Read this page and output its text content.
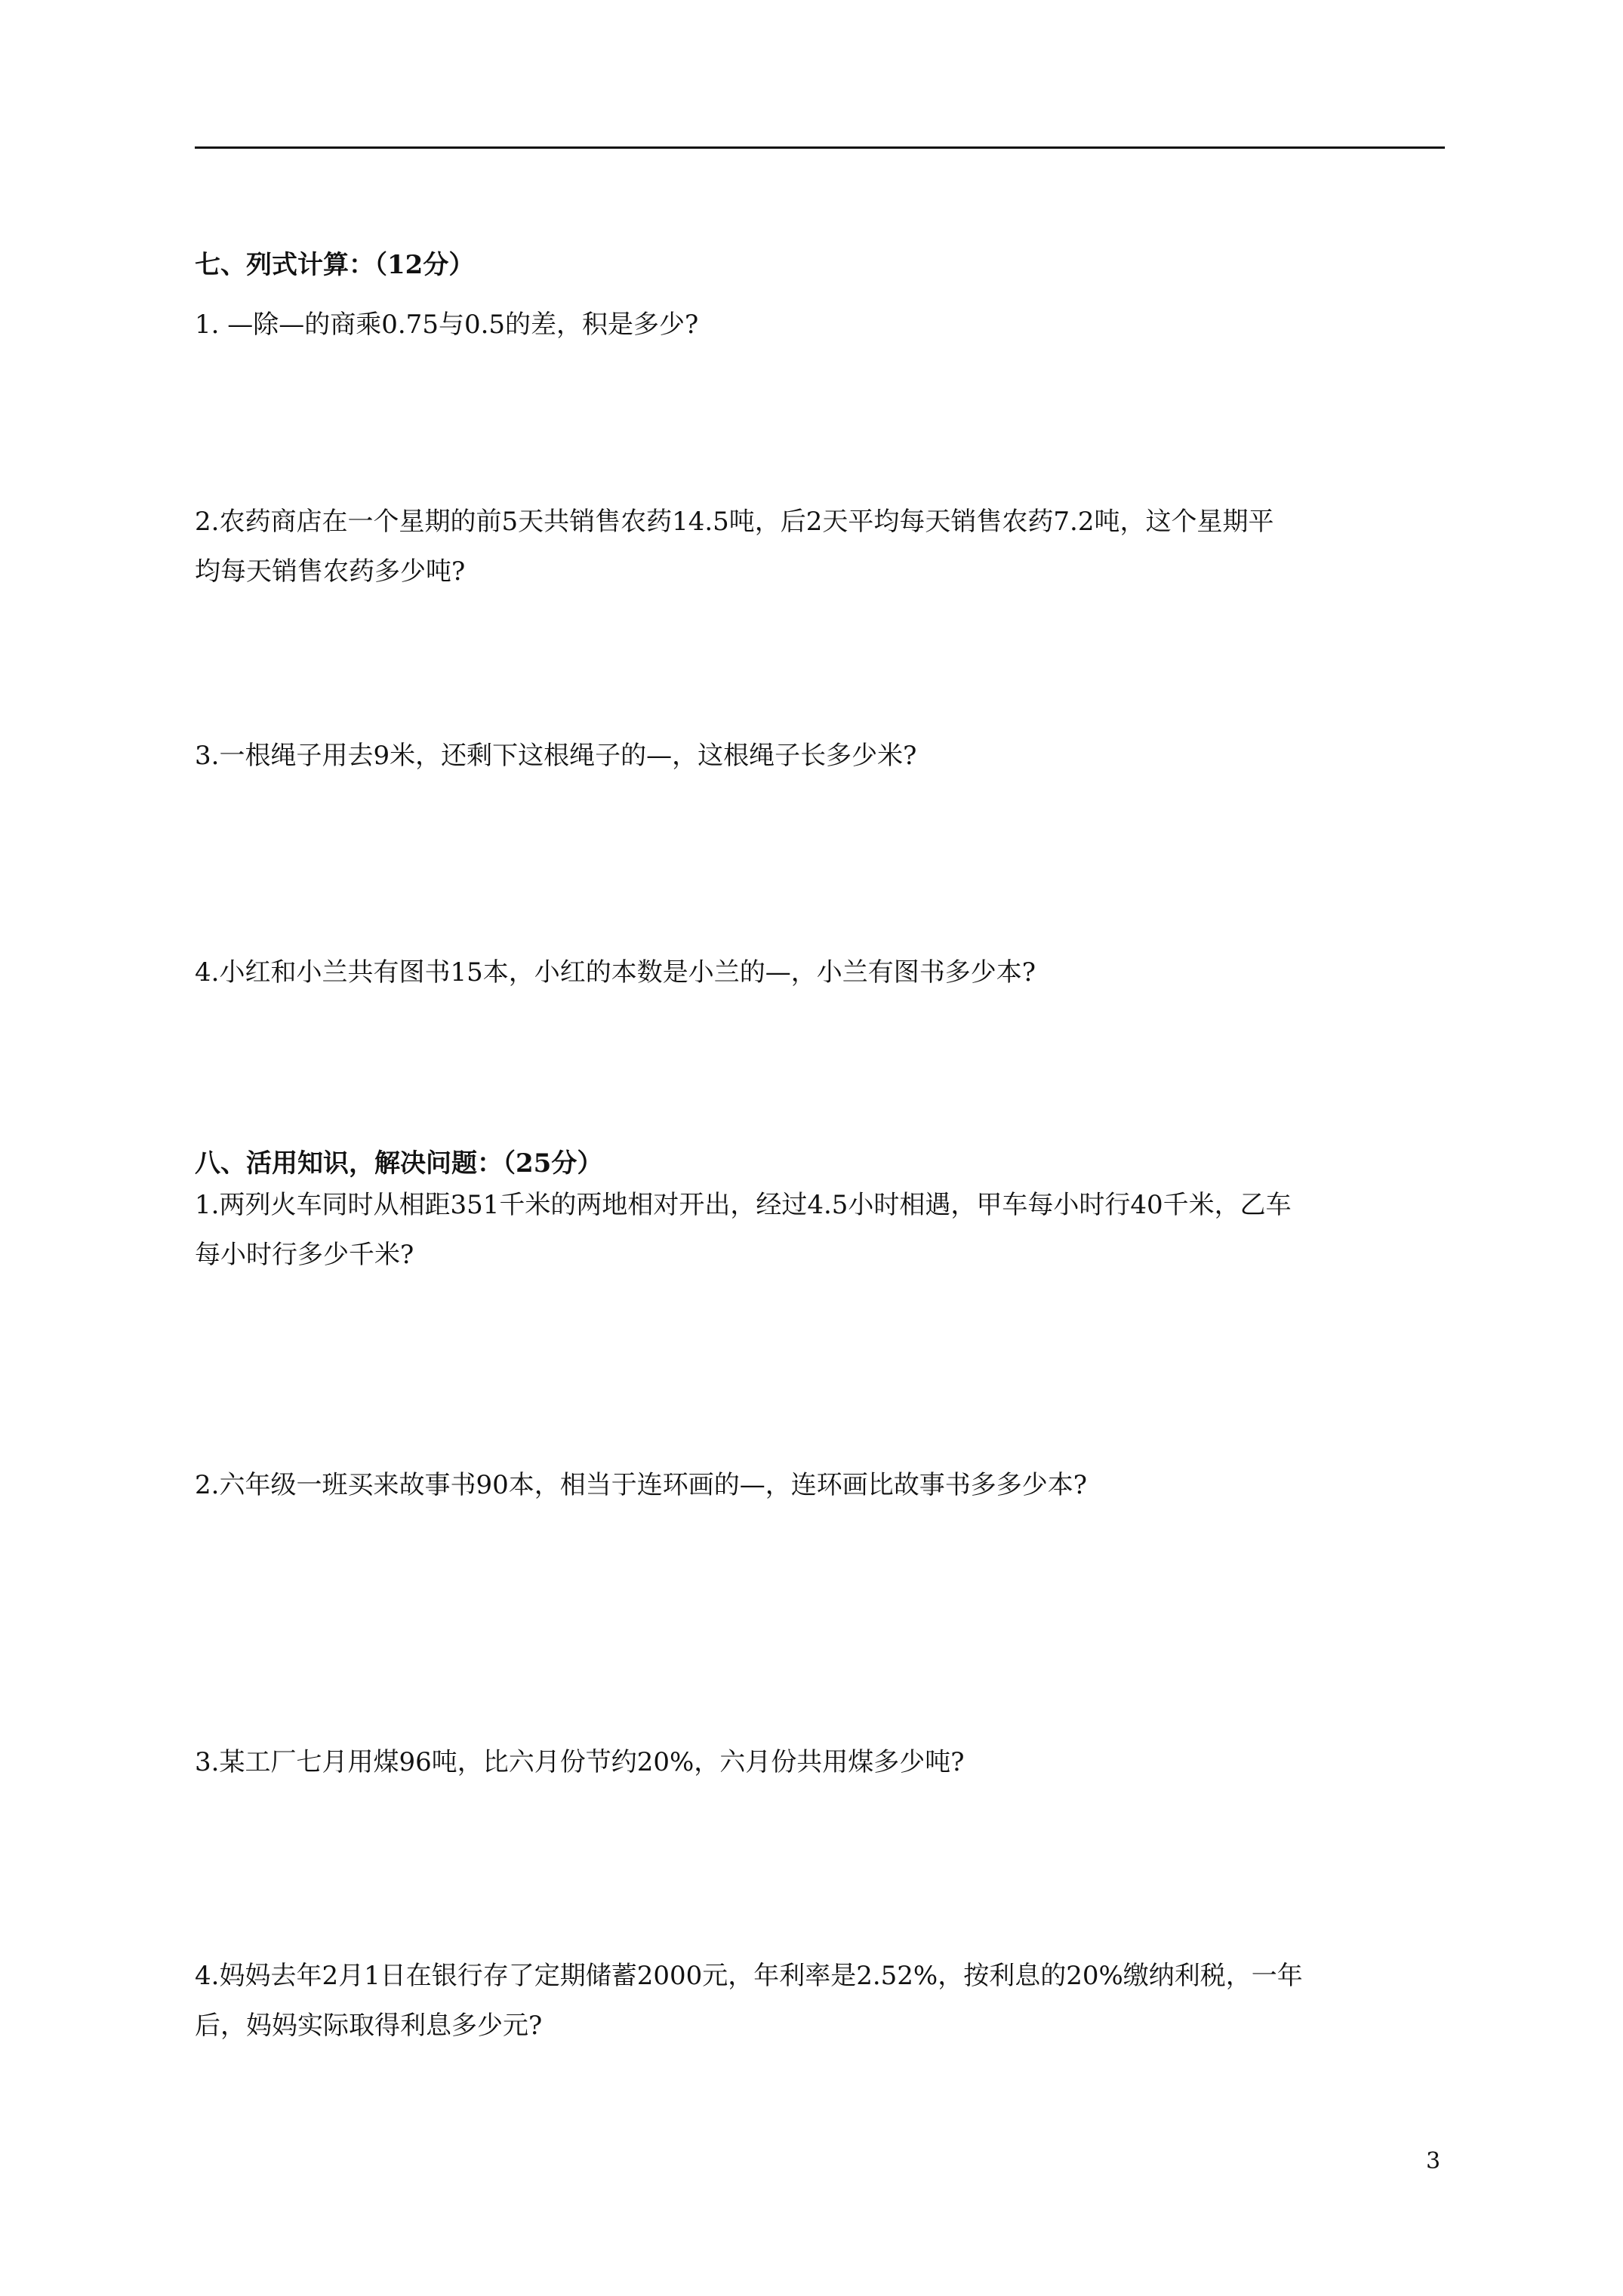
七、列式计算：（12分）
1. —除—的商乘0.75与0.5的差，积是多少?
2.农药商店在一个星期的前5天共销售农药14.5吨，后2天平均每天销售农药7.2吨，这个星期平
均每天销售农药多少吨?
3.一根绳子用去9米，还剩下这根绳子的—，这根绳子长多少米?
4.小红和小兰共有图书15本，小红的本数是小兰的—，小兰有图书多少本?
八、活用知识，解决问题：（25分）
1.两列火车同时从相距351千米的两地相对开出，经过4.5小时相遇，甲车每小时行40千米，乙车
每小时行多少千米?
2.六年级一班买来故事书90本，相当于连环画的—，连环画比故事书多多少本?
3.某工厂七月用煤96吨，比六月份节约20%，六月份共用煤多少吨?
4.妈妈去年2月1日在银行存了定期储蓄2000元，年利率是2.52%，按利息的20%缴纳利税，一年
后，妈妈实际取得利息多少元?
3
